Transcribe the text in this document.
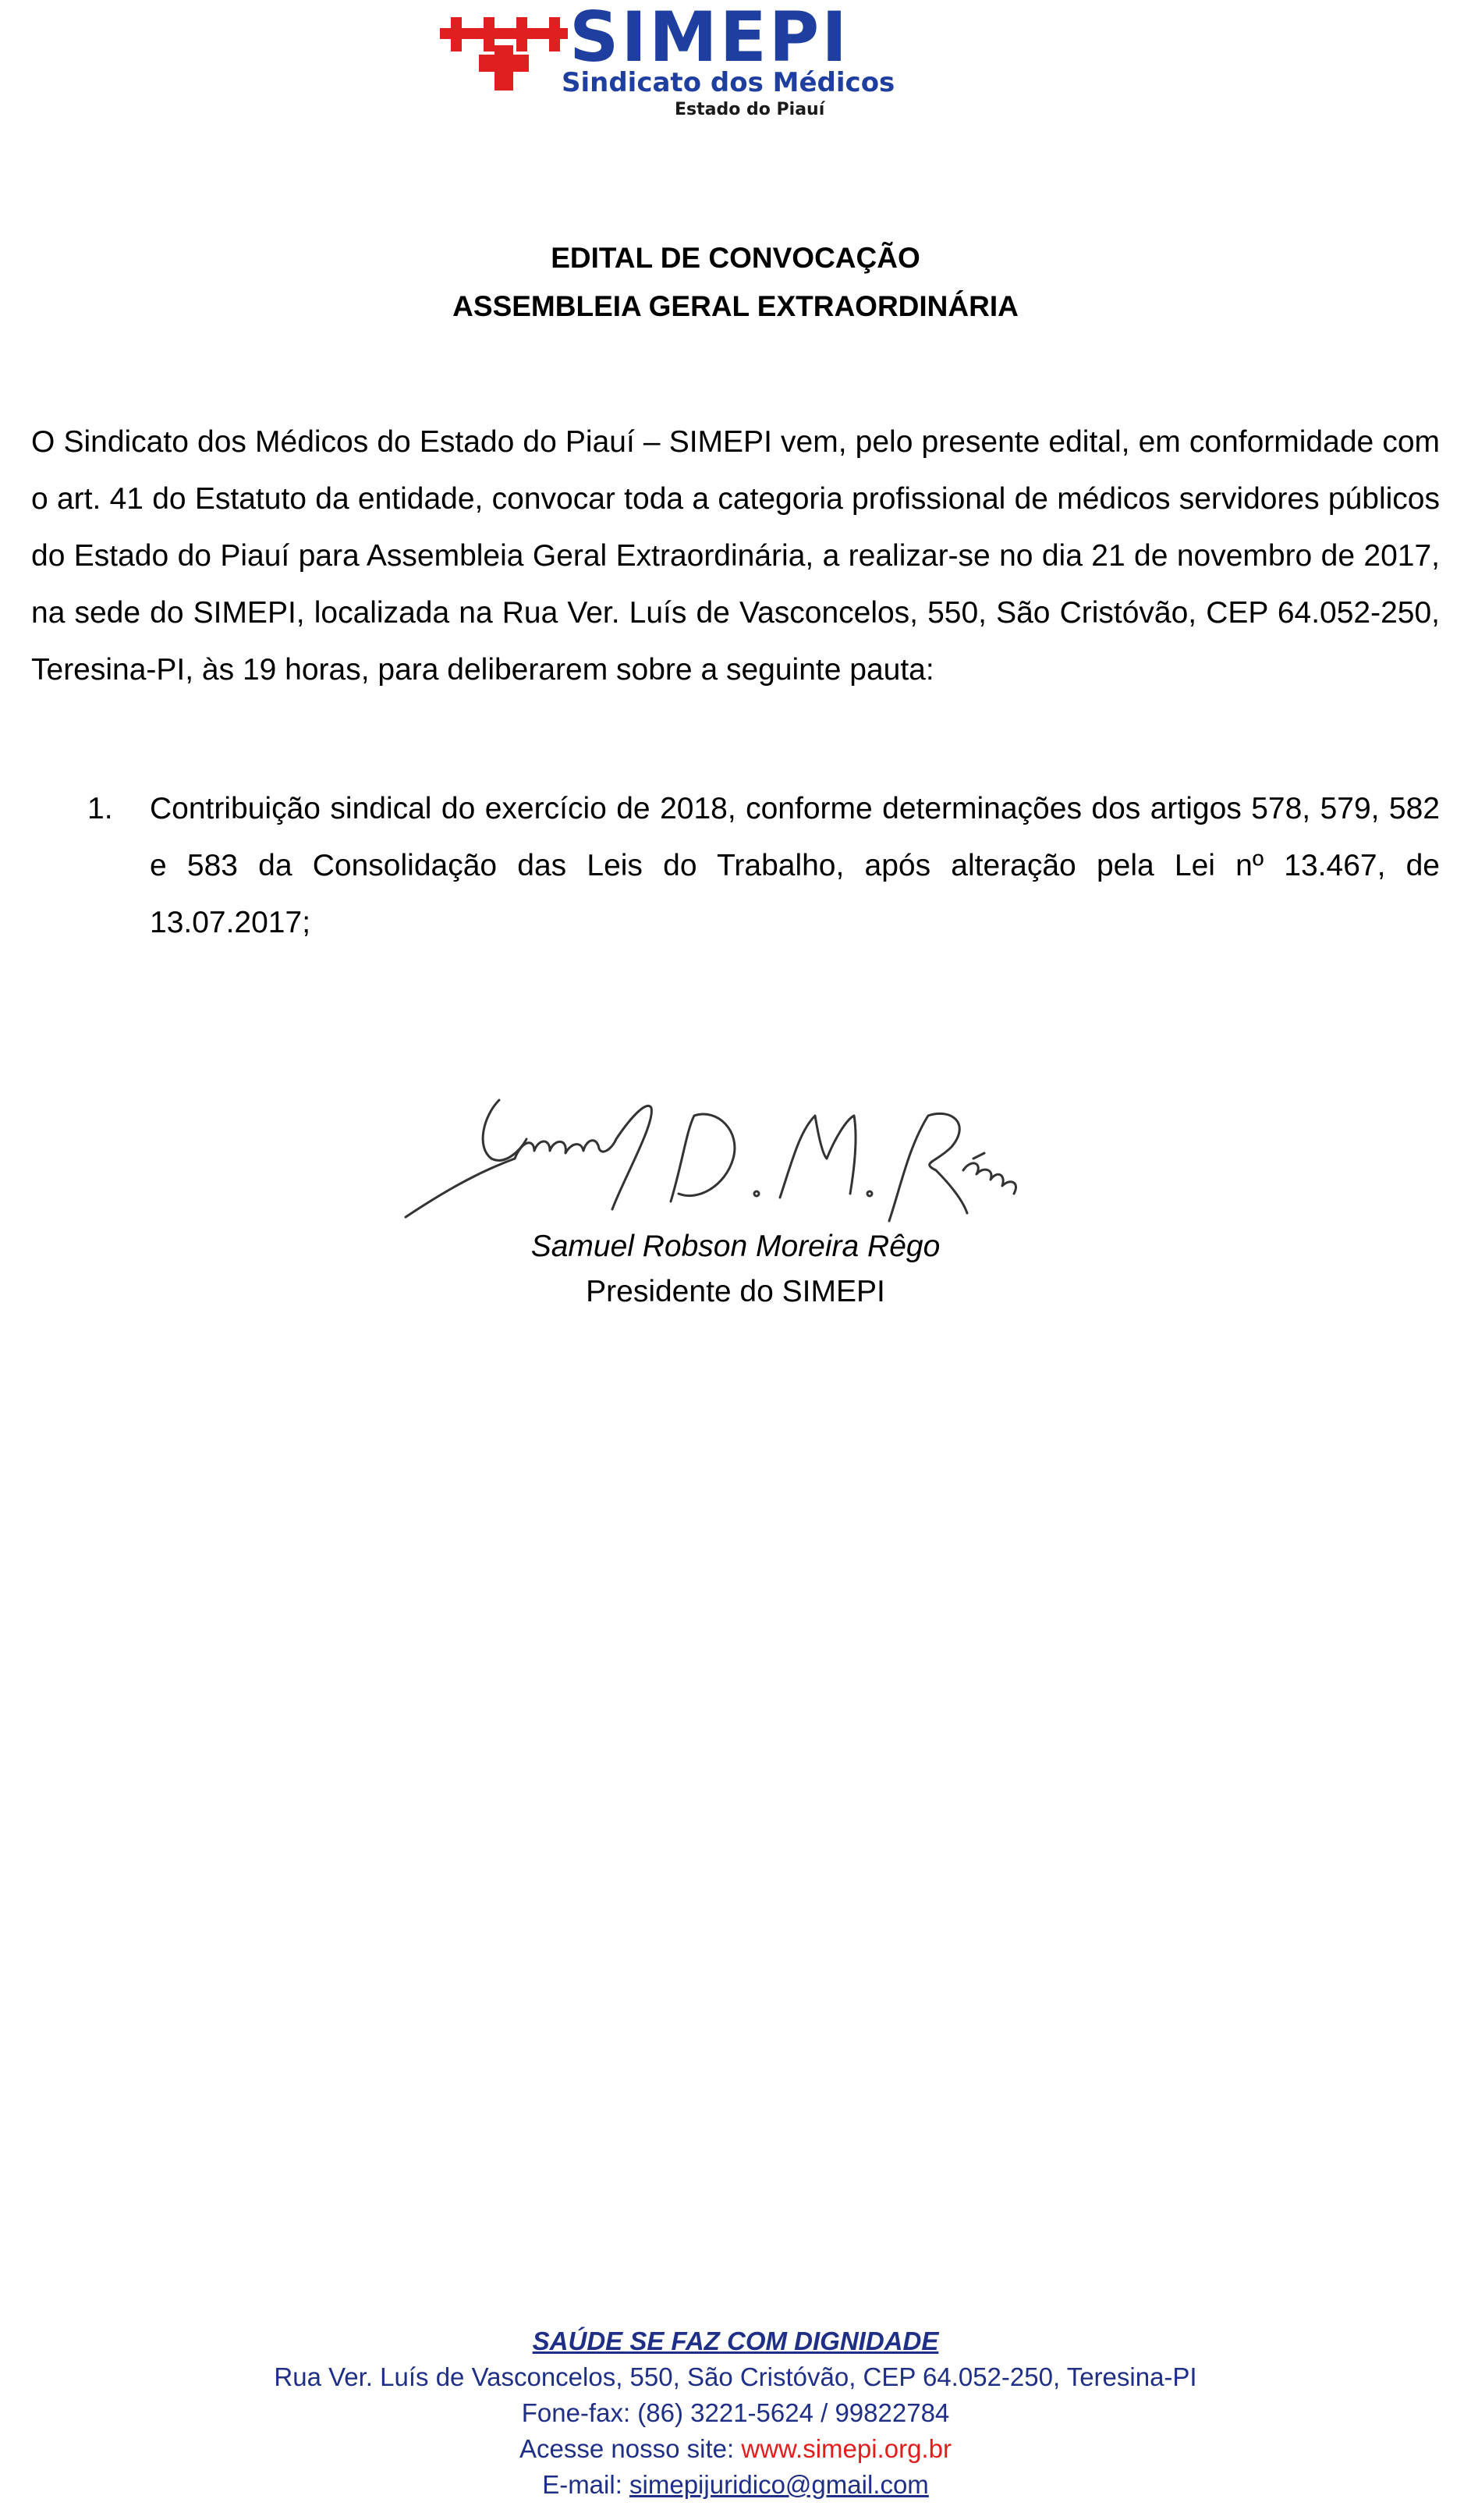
SIMEPI
Sindicato dos Médicos
Estado do Piauí
EDITAL DE CONVOCAÇÃO
ASSEMBLEIA GERAL EXTRAORDINÁRIA
O Sindicato dos Médicos do Estado do Piauí – SIMEPI vem, pelo presente edital, em conformidade com o art. 41 do Estatuto da entidade, convocar toda a categoria profissional de médicos servidores públicos do Estado do Piauí para Assembleia Geral Extraordinária, a realizar-se no dia 21 de novembro de 2017, na sede do SIMEPI, localizada na Rua Ver. Luís de Vasconcelos, 550, São Cristóvão, CEP 64.052-250, Teresina-PI, às 19 horas, para deliberarem sobre a seguinte pauta:
1. Contribuição sindical do exercício de 2018, conforme determinações dos artigos 578, 579, 582 e 583 da Consolidação das Leis do Trabalho, após alteração pela Lei nº 13.467, de 13.07.2017;
Samuel Robson Moreira Rêgo
Presidente do SIMEPI
SAÚDE SE FAZ COM DIGNIDADE
Rua Ver. Luís de Vasconcelos, 550, São Cristóvão, CEP 64.052-250, Teresina-PI
Fone-fax: (86) 3221-5624 / 99822784
Acesse nosso site: www.simepi.org.br
E-mail: simepijuridico@gmail.com
